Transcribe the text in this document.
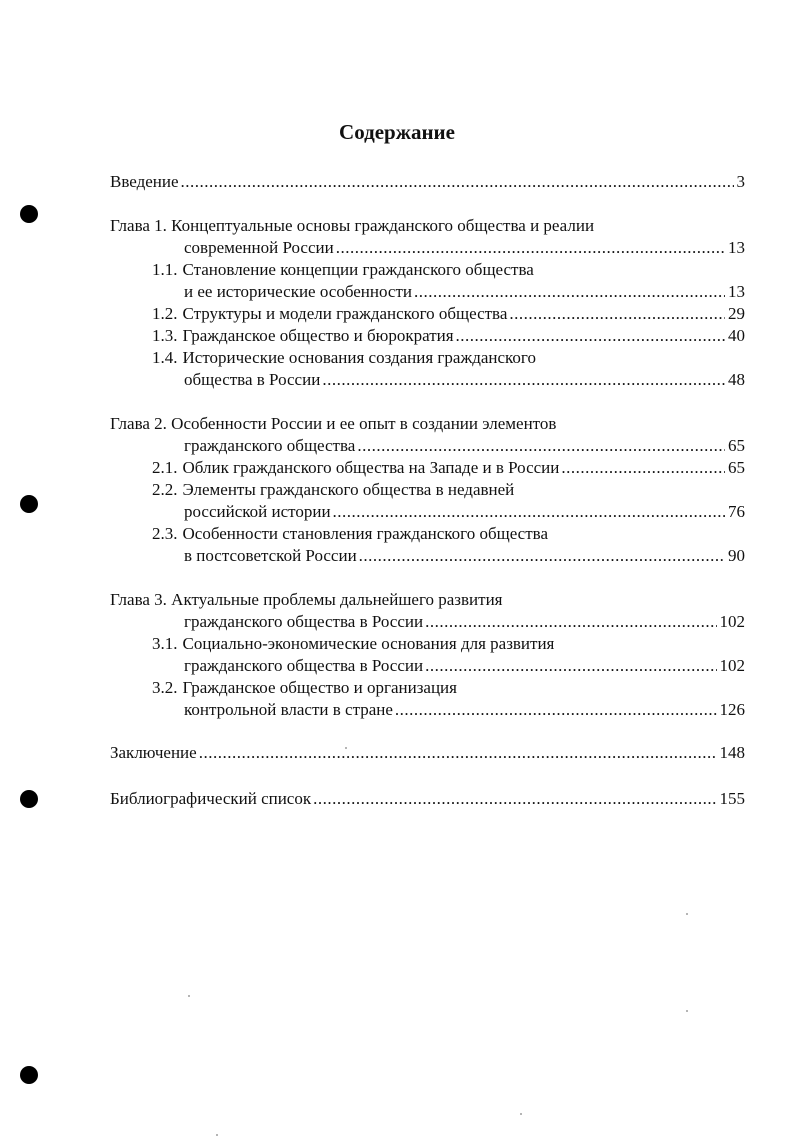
Содержание
Введение .....	3
Глава 1. Концептуальные основы гражданского общества и реалии
современной России .....	13
1.1. Становление концепции гражданского общества
и ее исторические особенности .....	13
1.2. Структуры и модели гражданского общества .....	29
1.3. Гражданское общество и бюрократия .....	40
1.4. Исторические основания создания гражданского
общества в России .....	48
Глава 2. Особенности России и ее опыт в создании элементов
гражданского общества .....	65
2.1. Облик гражданского общества на Западе и в России .....	65
2.2. Элементы гражданского общества в недавней
российской истории .....	76
2.3. Особенности становления гражданского общества
в постсоветской России .....	90
Глава 3. Актуальные проблемы дальнейшего развития
гражданского общества в России .....	102
3.1. Социально-экономические основания для развития
гражданского общества в России .....	102
3.2. Гражданское общество и организация
контрольной власти в стране .....	126
Заключение .....	148
Библиографический список .....	155
